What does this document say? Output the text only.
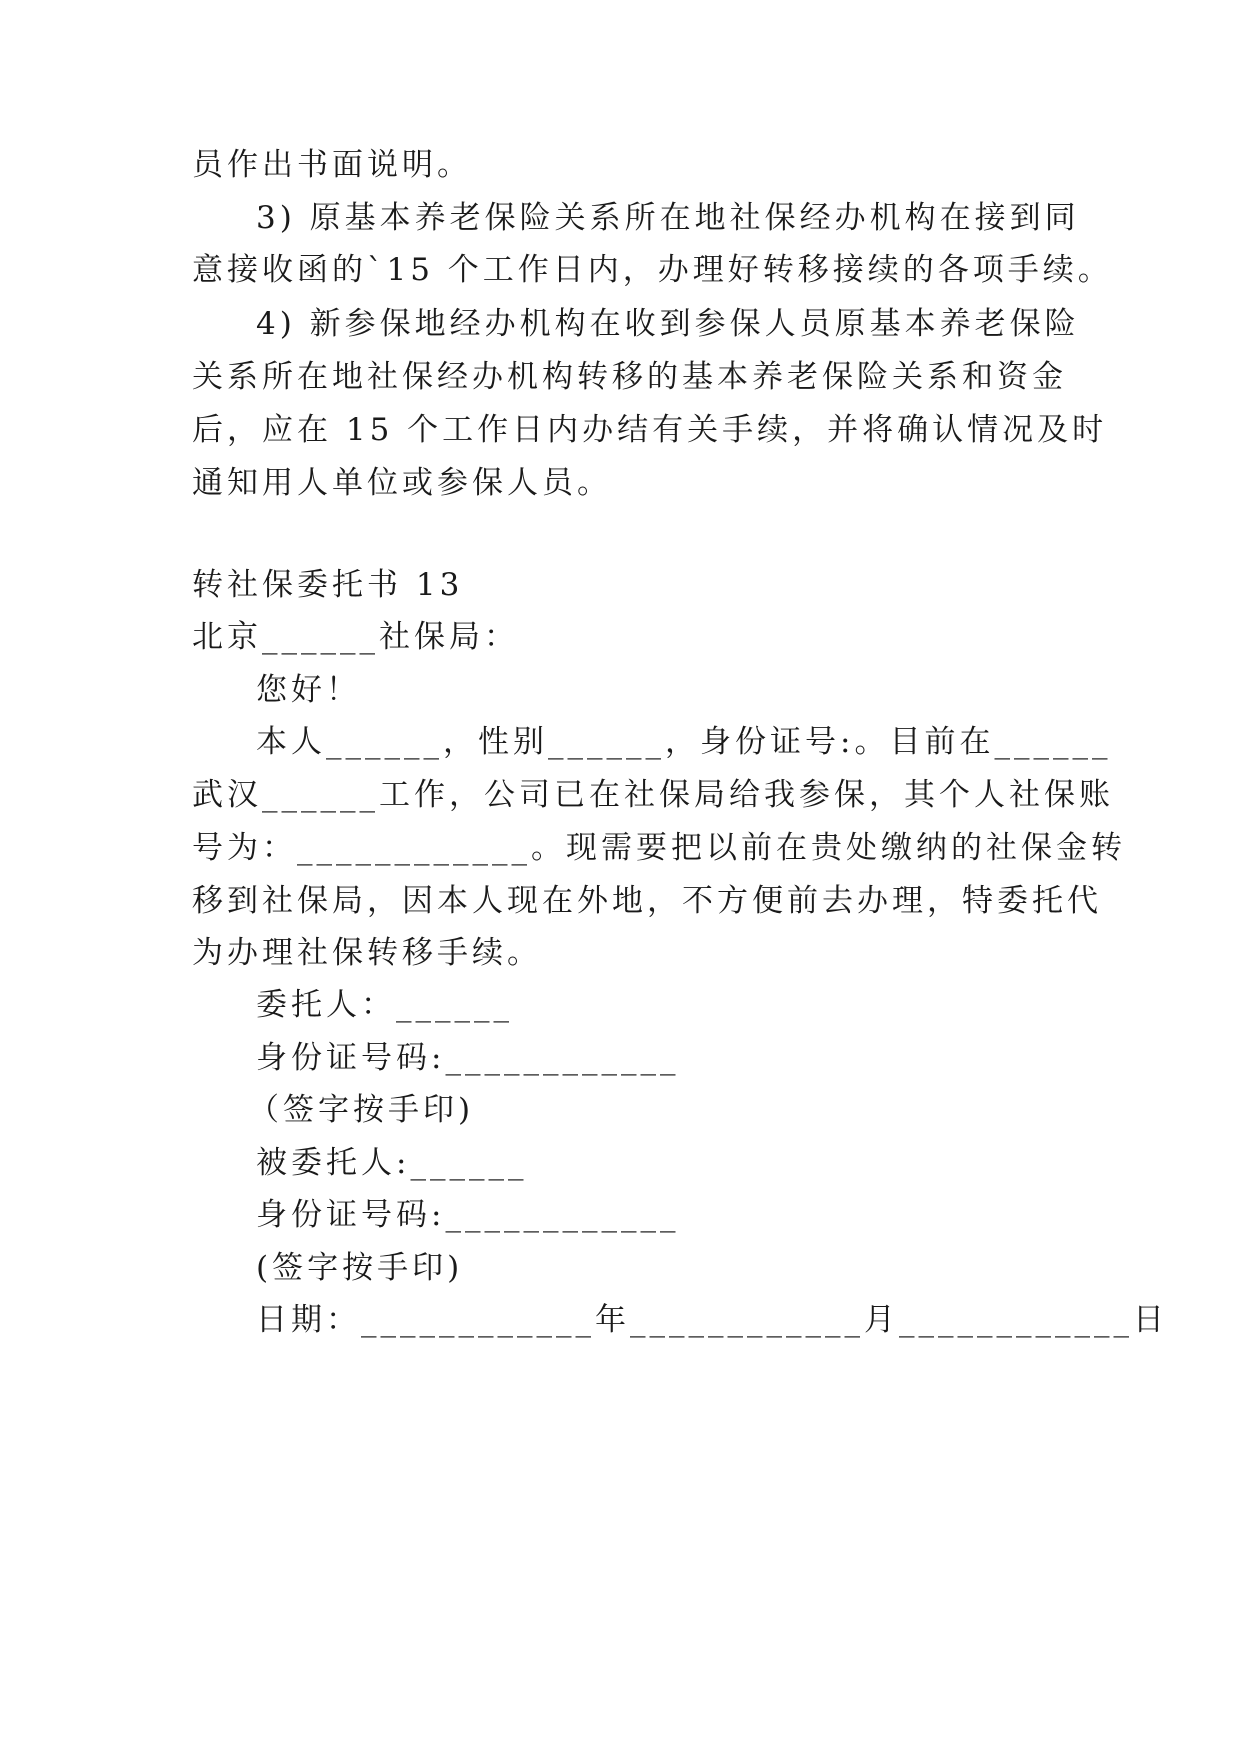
员作出书面说明。
3) 原基本养老保险关系所在地社保经办机构在接到同
意接收函的`15 个工作日内，办理好转移接续的各项手续。
4) 新参保地经办机构在收到参保人员原基本养老保险
关系所在地社保经办机构转移的基本养老保险关系和资金
后，应在 15 个工作日内办结有关手续，并将确认情况及时
通知用人单位或参保人员。
转社保委托书 13
北京______社保局：
您好！
本人______，性别______，身份证号:。目前在______
武汉______工作，公司已在社保局给我参保，其个人社保账
号为：____________。现需要把以前在贵处缴纳的社保金转
移到社保局，因本人现在外地，不方便前去办理，特委托代
为办理社保转移手续。
委托人：______
身份证号码:____________
（签字按手印)
被委托人:______
身份证号码:____________
(签字按手印)
日期：____________年____________月____________日
